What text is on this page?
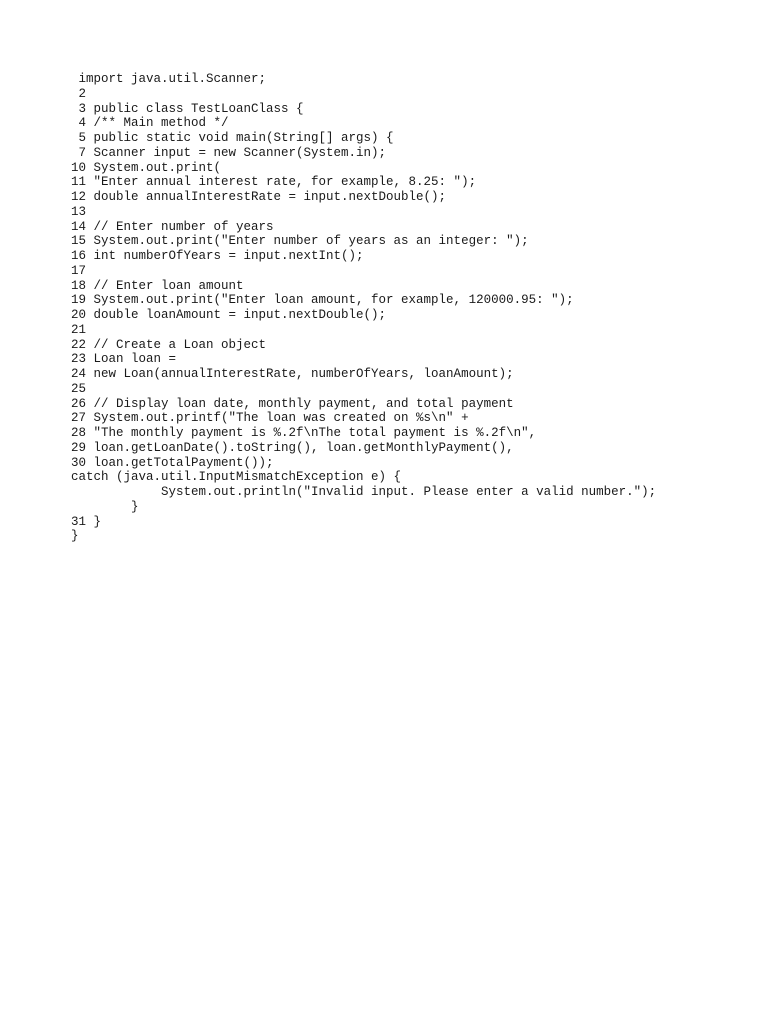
import java.util.Scanner;
2
3 public class TestLoanClass {
4 /** Main method */
5 public static void main(String[] args) {
7 Scanner input = new Scanner(System.in);
10 System.out.print(
11 "Enter annual interest rate, for example, 8.25: ");
12 double annualInterestRate = input.nextDouble();
13
14 // Enter number of years
15 System.out.print("Enter number of years as an integer: ");
16 int numberOfYears = input.nextInt();
17
18 // Enter loan amount
19 System.out.print("Enter loan amount, for example, 120000.95: ");
20 double loanAmount = input.nextDouble();
21
22 // Create a Loan object
23 Loan loan =
24 new Loan(annualInterestRate, numberOfYears, loanAmount);
25
26 // Display loan date, monthly payment, and total payment
27 System.out.printf("The loan was created on %s\n" +
28 "The monthly payment is %.2f\nThe total payment is %.2f\n",
29 loan.getLoanDate().toString(), loan.getMonthlyPayment(),
30 loan.getTotalPayment());
catch (java.util.InputMismatchException e) {
System.out.println("Invalid input. Please enter a valid number.");
}
31 }
}
